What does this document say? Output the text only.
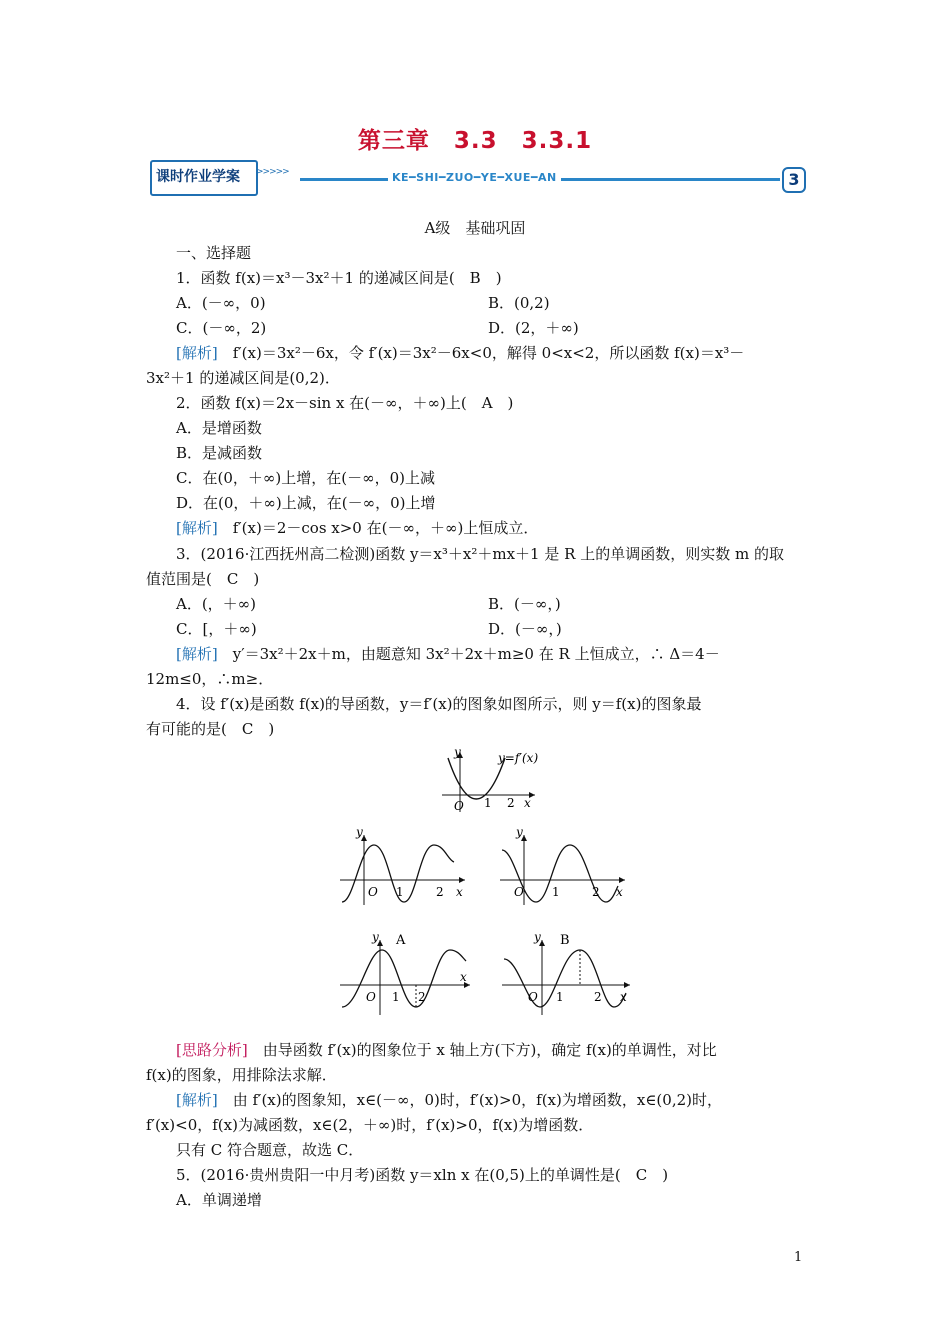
第三章　3.3　3.3.1
课时作业学案	>>>>>	KE━SHI━ZUO━YE━XUE━AN	3
A级　基础巩固
一、选择题
1．函数 f(x)＝x³－3x²＋1 的递减区间是(　B　)
A．(－∞，0)	B．(0,2)
C．(－∞，2)	D．(2，＋∞)
[解析]　f′(x)＝3x²－6x，令 f′(x)＝3x²－6x<0，解得 0<x<2，所以函数 f(x)＝x³－
3x²＋1 的递减区间是(0,2)．
2．函数 f(x)＝2x－sin x 在(－∞，＋∞)上(　A　)
A．是增函数
B．是减函数
C．在(0，＋∞)上增，在(－∞，0)上减
D．在(0，＋∞)上减，在(－∞，0)上增
[解析]　f′(x)＝2－cos x>0 在(－∞，＋∞)上恒成立．
3．(2016·江西抚州高二检测)函数 y＝x³＋x²＋mx＋1 是 R 上的单调函数，则实数 m 的取
值范围是(　C　)
A．(，＋∞)	B．(－∞，)
C．[，＋∞)	D．(－∞，)
[解析]　y′＝3x²＋2x＋m，由题意知 3x²＋2x＋m≥0 在 R 上恒成立，∴ Δ＝4－
12m≤0，∴m≥．
4．设 f′(x)是函数 f(x)的导函数，y＝f′(x)的图象如图所示，则 y＝f(x)的图象最
有可能的是(　C　)
y	y=f′(x)
O 1 2 x
y
O 1	2 x
A
y
O 1	2 x
B
y
O 1 2
x
y
O 1	2 x
[思路分析]　由导函数 f′(x)的图象位于 x 轴上方(下方)，确定 f(x)的单调性，对比
f(x)的图象，用排除法求解．
[解析]　由 f′(x)的图象知，x∈(－∞，0)时，f′(x)>0，f(x)为增函数，x∈(0,2)时，
f′(x)<0，f(x)为减函数，x∈(2，＋∞)时，f′(x)>0，f(x)为增函数．
只有 C 符合题意，故选 C．
5．(2016·贵州贵阳一中月考)函数 y＝xln x 在(0,5)上的单调性是(　C　)
A．单调递增
1
